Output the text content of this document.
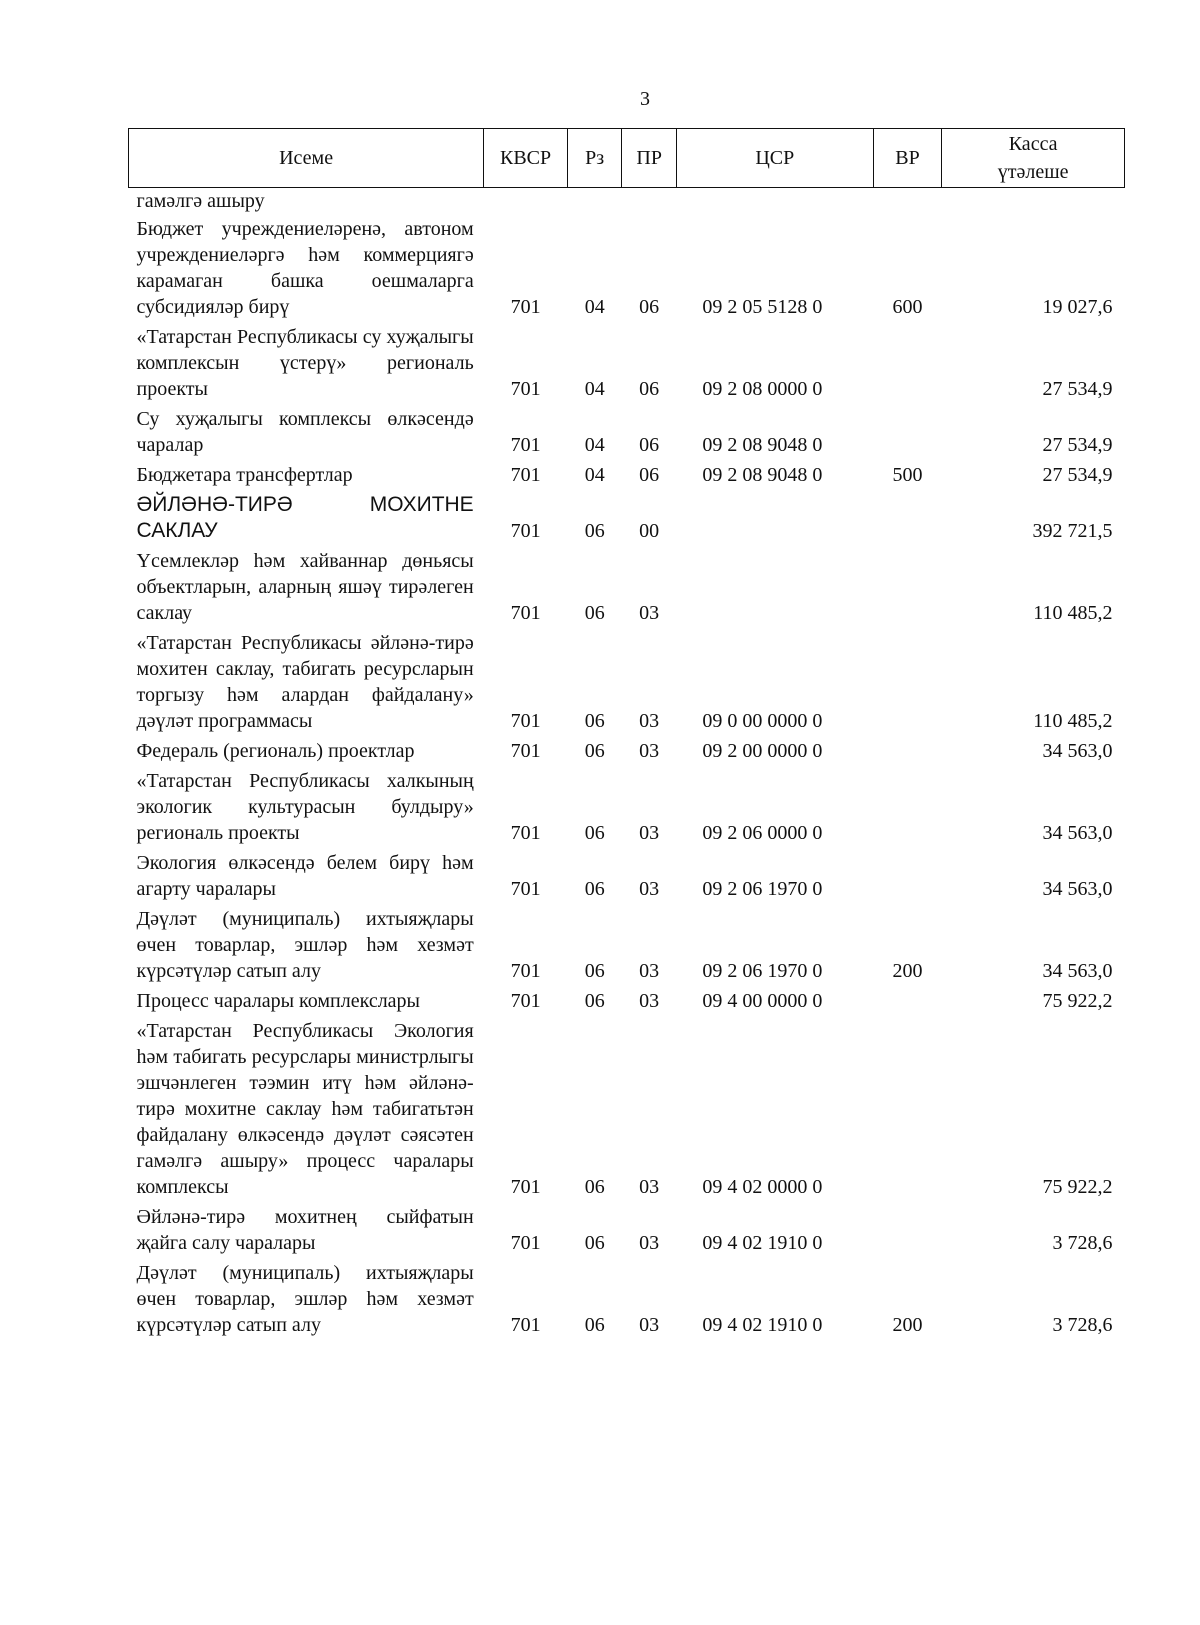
3
Исеме	КВСР	Рз	ПР	ЦСР	ВР	Касса
үтәлеше

гамәлгә ашыру						
Бюджет учреждениеләренә, автоном учреждениеләргә һәм коммерциягә карамаган башка оешмаларга субсидияләр бирү	701	04	06	09 2 05 5128 0	600	19 027,6
«Татарстан Республикасы су хуҗалыгы комплексын үстерү» региональ проекты	701	04	06	09 2 08 0000 0		27 534,9
Су хуҗалыгы комплексы өлкәсендә чаралар	701	04	06	09 2 08 9048 0		27 534,9
Бюджетара трансфертлар	701	04	06	09 2 08 9048 0	500	27 534,9
ӘЙЛӘНӘ-ТИРӘ МОХИТНЕ САКЛАУ	701	06	00			392 721,5
Үсемлекләр һәм хайваннар дөньясы объектларын, аларның яшәү тирәлеген саклау	701	06	03			110 485,2
«Татарстан Республикасы әйләнә-тирә мохитен саклау, табигать ресурсларын торгызу һәм алардан файдалану» дәүләт программасы	701	06	03	09 0 00 0000 0		110 485,2
Федераль (региональ) проектлар	701	06	03	09 2 00 0000 0		34 563,0
«Татарстан Республикасы халкының экологик культурасын булдыру» региональ проекты	701	06	03	09 2 06 0000 0		34 563,0
Экология өлкәсендә белем бирү һәм агарту чаралары	701	06	03	09 2 06 1970 0		34 563,0
Дәүләт (муниципаль) ихтыяҗлары өчен товарлар, эшләр һәм хезмәт күрсәтүләр сатып алу	701	06	03	09 2 06 1970 0	200	34 563,0
Процесс чаралары комплекслары	701	06	03	09 4 00 0000 0		75 922,2
«Татарстан Республикасы Экология һәм табигать ресурслары министрлыгы эшчәнлеген тәэмин итү һәм әйләнә-тирә мохитне саклау һәм табигатьтән файдалану өлкәсендә дәүләт сәясәтен гамәлгә ашыру» процесс чаралары комплексы	701	06	03	09 4 02 0000 0		75 922,2
Әйләнә-тирә мохитнең сыйфатын җайга салу чаралары	701	06	03	09 4 02 1910 0		3 728,6
Дәүләт (муниципаль) ихтыяҗлары өчен товарлар, эшләр һәм хезмәт күрсәтүләр сатып алу	701	06	03	09 4 02 1910 0	200	3 728,6
